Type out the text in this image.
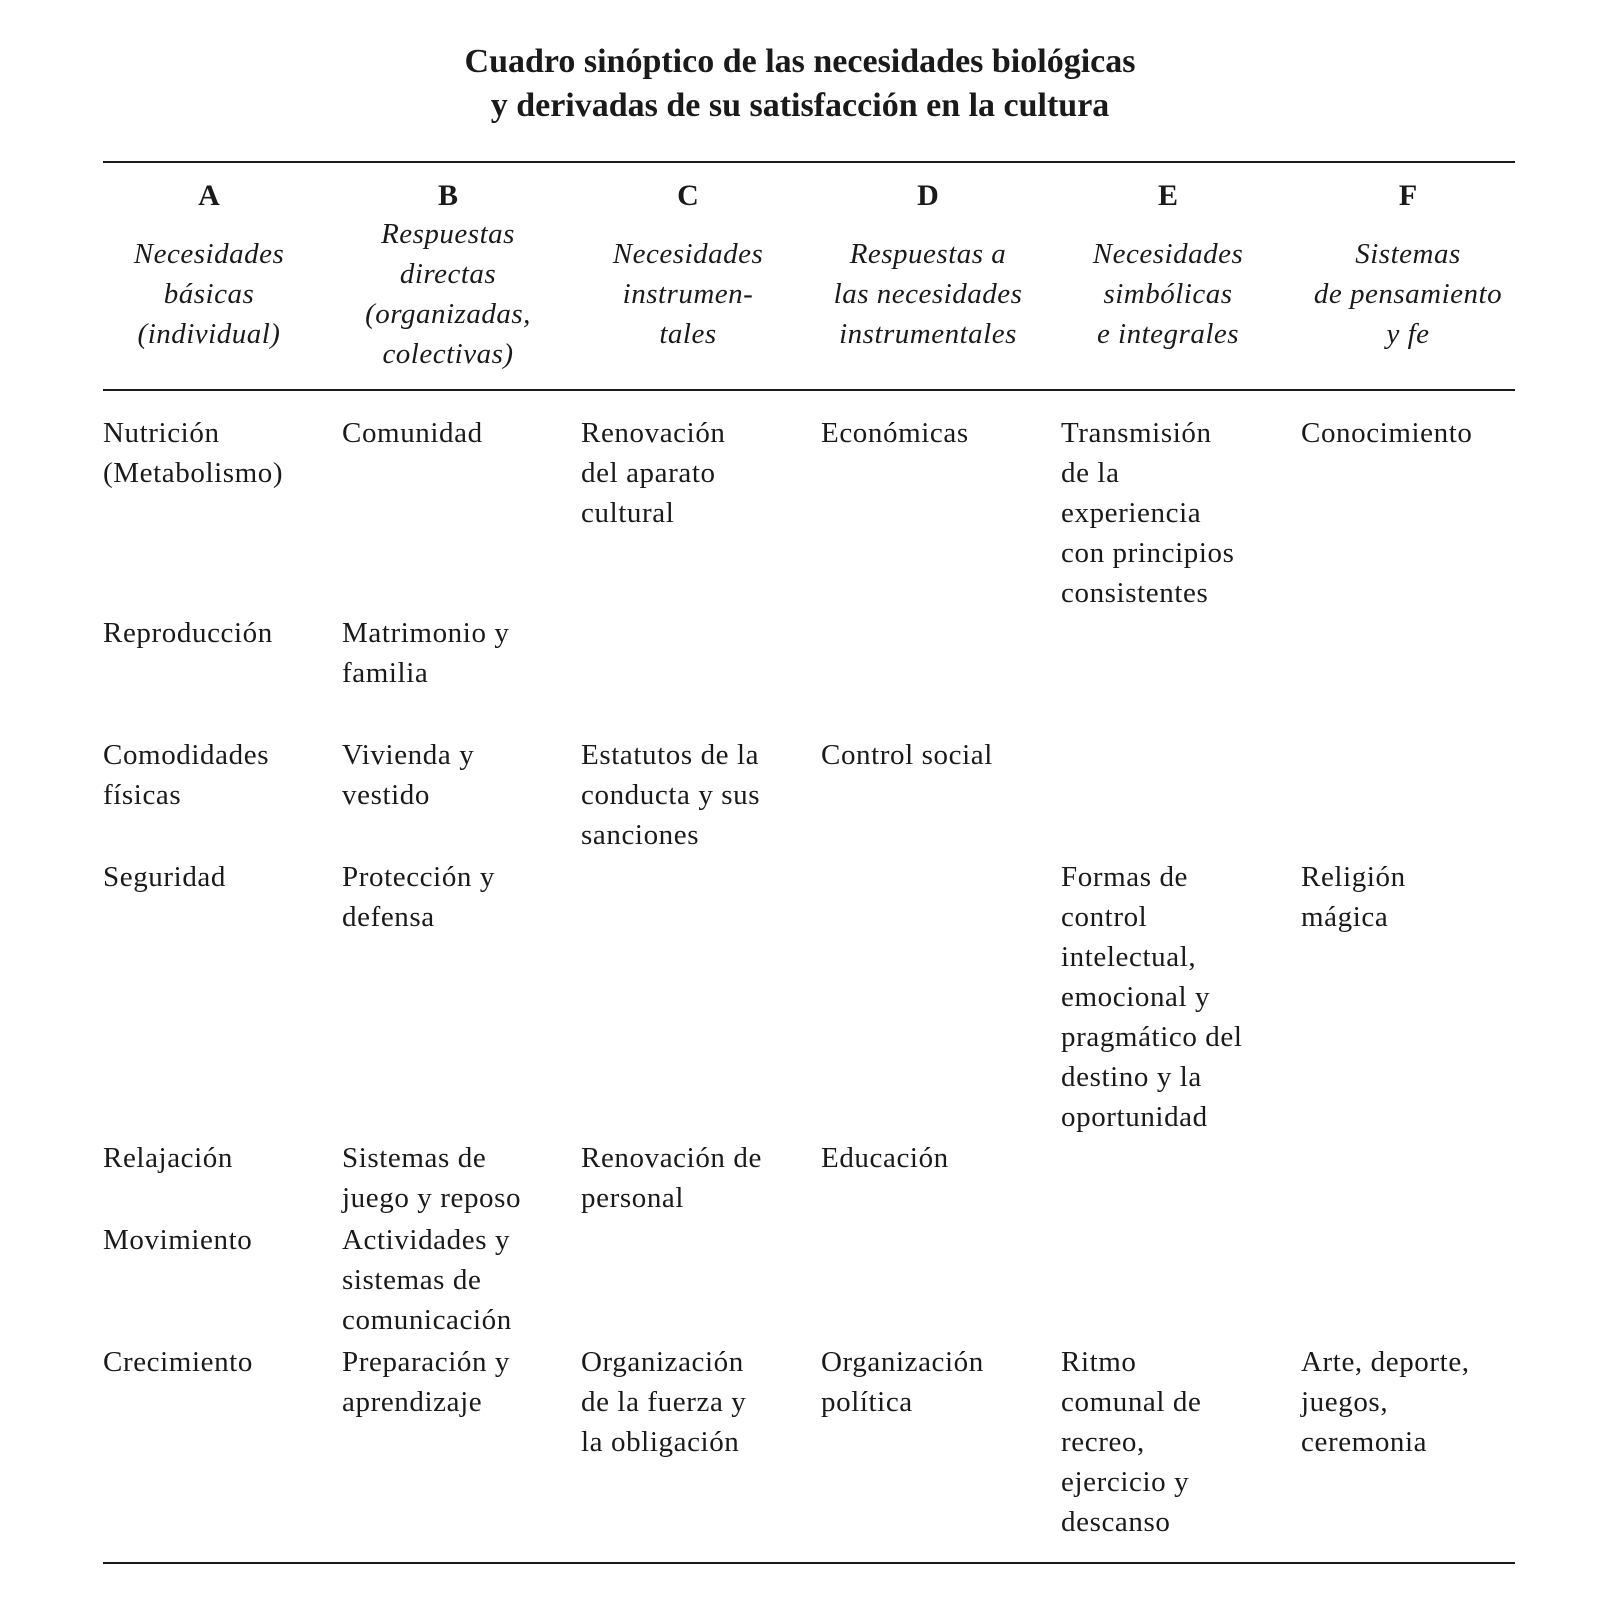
Cuadro sinóptico de las necesidades biológicas
y derivadas de su satisfacción en la cultura
A
Necesidades
básicas
(individual)
B
Respuestas
directas
(organizadas,
colectivas)
C
Necesidades
instrumen-
tales
D
Respuestas a
las necesidades
instrumentales
E
Necesidades
simbólicas
e integrales
F
Sistemas
de pensamiento
y fe
Nutrición
(Metabolismo)
Reproducción
Comodidades
físicas
Seguridad
Relajación
Movimiento
Crecimiento
Comunidad
Matrimonio y
familia
Vivienda y
vestido
Protección y
defensa
Sistemas de
juego y reposo
Actividades y
sistemas de
comunicación
Preparación y
aprendizaje
Renovación
del aparato
cultural
Estatutos de la
conducta y sus
sanciones
Renovación de
personal
Organización
de la fuerza y
la obligación
Económicas
Control social
Educación
Organización
política
Transmisión
de la
experiencia
con principios
consistentes
Formas de
control
intelectual,
emocional y
pragmático del
destino y la
oportunidad
Ritmo
comunal de
recreo,
ejercicio y
descanso
Conocimiento
Religión
mágica
Arte, deporte,
juegos,
ceremonia
